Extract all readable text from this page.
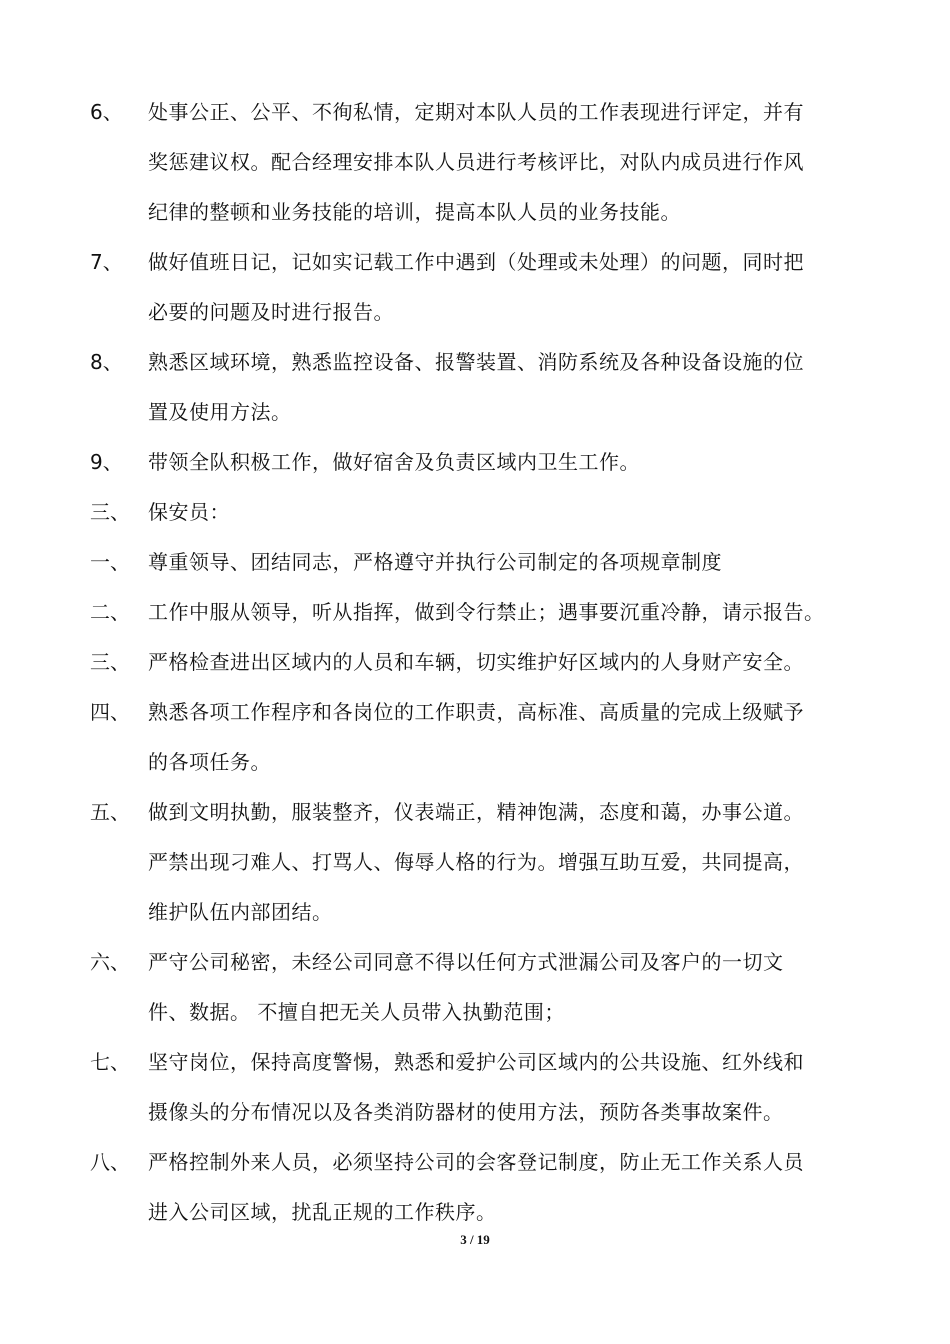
6、 处事公正、公平、不徇私情，定期对本队人员的工作表现进行评定，并有
奖惩建议权。配合经理安排本队人员进行考核评比，对队内成员进行作风
纪律的整顿和业务技能的培训，提高本队人员的业务技能。
7、 做好值班日记，记如实记载工作中遇到（处理或未处理）的问题，同时把
必要的问题及时进行报告。
8、 熟悉区域环境，熟悉监控设备、报警装置、消防系统及各种设备设施的位
置及使用方法。
9、 带领全队积极工作，做好宿舍及负责区域内卫生工作。
三、 保安员：
一、 尊重领导、团结同志，严格遵守并执行公司制定的各项规章制度
二、 工作中服从领导，听从指挥，做到令行禁止；遇事要沉重冷静，请示报告。
三、 严格检查进出区域内的人员和车辆，切实维护好区域内的人身财产安全。
四、 熟悉各项工作程序和各岗位的工作职责，高标准、高质量的完成上级赋予
的各项任务。
五、 做到文明执勤，服装整齐，仪表端正，精神饱满，态度和蔼，办事公道。
严禁出现刁难人、打骂人、侮辱人格的行为。增强互助互爱，共同提高，
维护队伍内部团结。
六、 严守公司秘密，未经公司同意不得以任何方式泄漏公司及客户的一切文
件、数据。 不擅自把无关人员带入执勤范围；
七、 坚守岗位，保持高度警惕，熟悉和爱护公司区域内的公共设施、红外线和
摄像头的分布情况以及各类消防器材的使用方法，预防各类事故案件。
八、 严格控制外来人员，必须坚持公司的会客登记制度，防止无工作关系人员
进入公司区域，扰乱正规的工作秩序。
3 / 19
